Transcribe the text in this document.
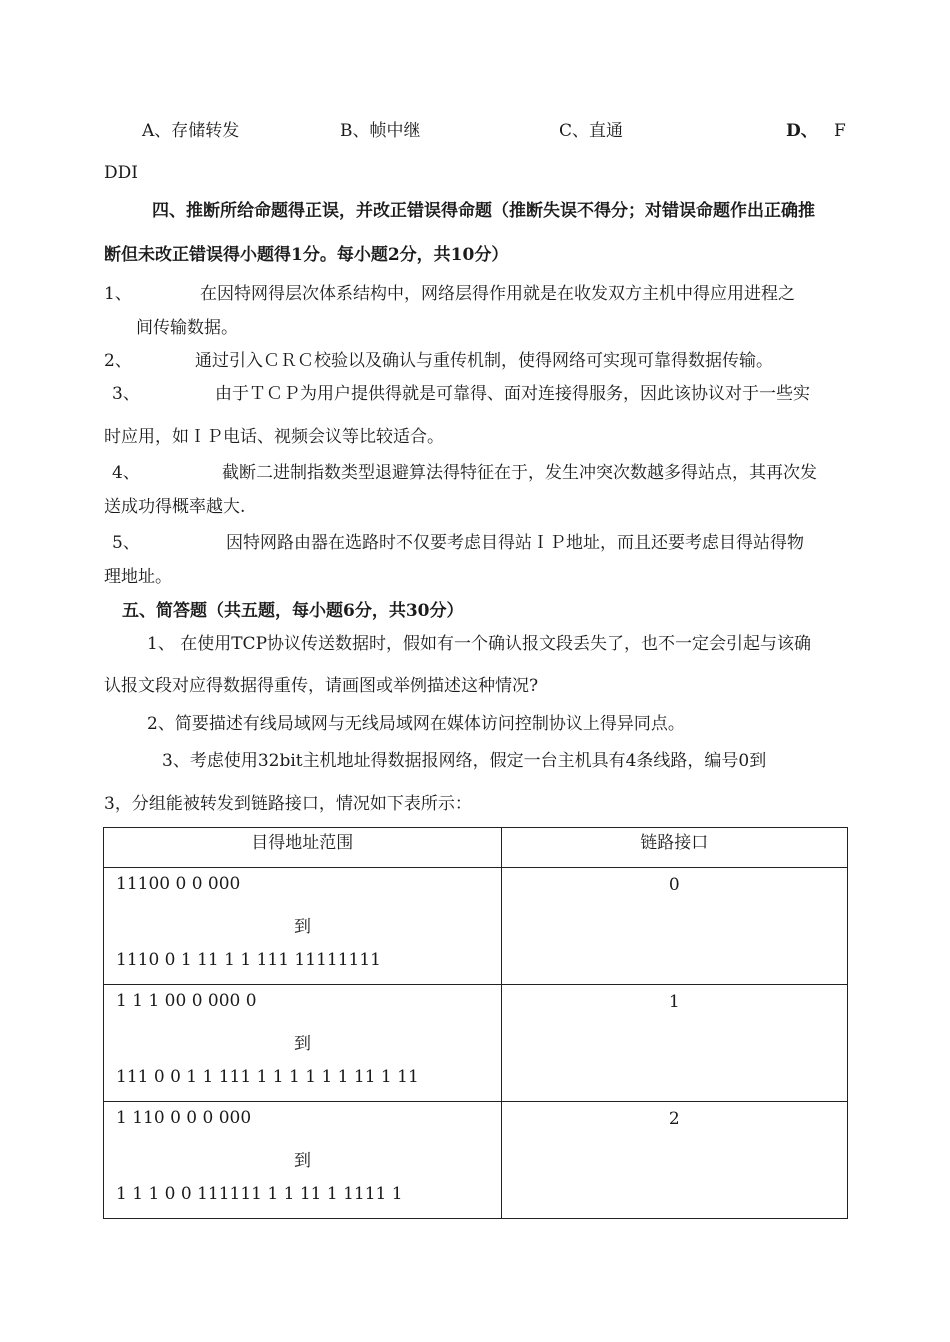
A、存储转发	B、帧中继	C、直通	D、 F
DDI
四、推断所给命题得正误，并改正错误得命题（推断失误不得分；对错误命题作出正确推
断但未改正错误得小题得1分。每小题2分，共10分）
1、	在因特网得层次体系结构中，网络层得作用就是在收发双方主机中得应用进程之
间传输数据。
2、	通过引入ＣＲＣ校验以及确认与重传机制，使得网络可实现可靠得数据传输。
3、	由于ＴＣＰ为用户提供得就是可靠得、面对连接得服务，因此该协议对于一些实
时应用，如ＩＰ电话、视频会议等比较适合。
4、	截断二进制指数类型退避算法得特征在于，发生冲突次数越多得站点，其再次发
送成功得概率越大.
5、	因特网路由器在选路时不仅要考虑目得站ＩＰ地址，而且还要考虑目得站得物
理地址。
五、简答题（共五题，每小题6分，共30分）
1、 在使用TCP协议传送数据时，假如有一个确认报文段丢失了，也不一定会引起与该确
认报文段对应得数据得重传，请画图或举例描述这种情况?
2、简要描述有线局域网与无线局域网在媒体访问控制协议上得异同点。
3、考虑使用32bit主机地址得数据报网络，假定一台主机具有4条线路，编号0到
3，分组能被转发到链路接口，情况如下表所示：
目得地址范围	链路接口

11100 0 0 000
到
1110 0 1 11 1 1 111 11111111	0

1 1 1 00 0 000 0
到
111 0 0 1 1 111 1 1 1 1 1 1 11 1 11	1

1 110 0 0 0 000
到
1 1 1 0 0 111111 1 1 11 1 1111 1	2
